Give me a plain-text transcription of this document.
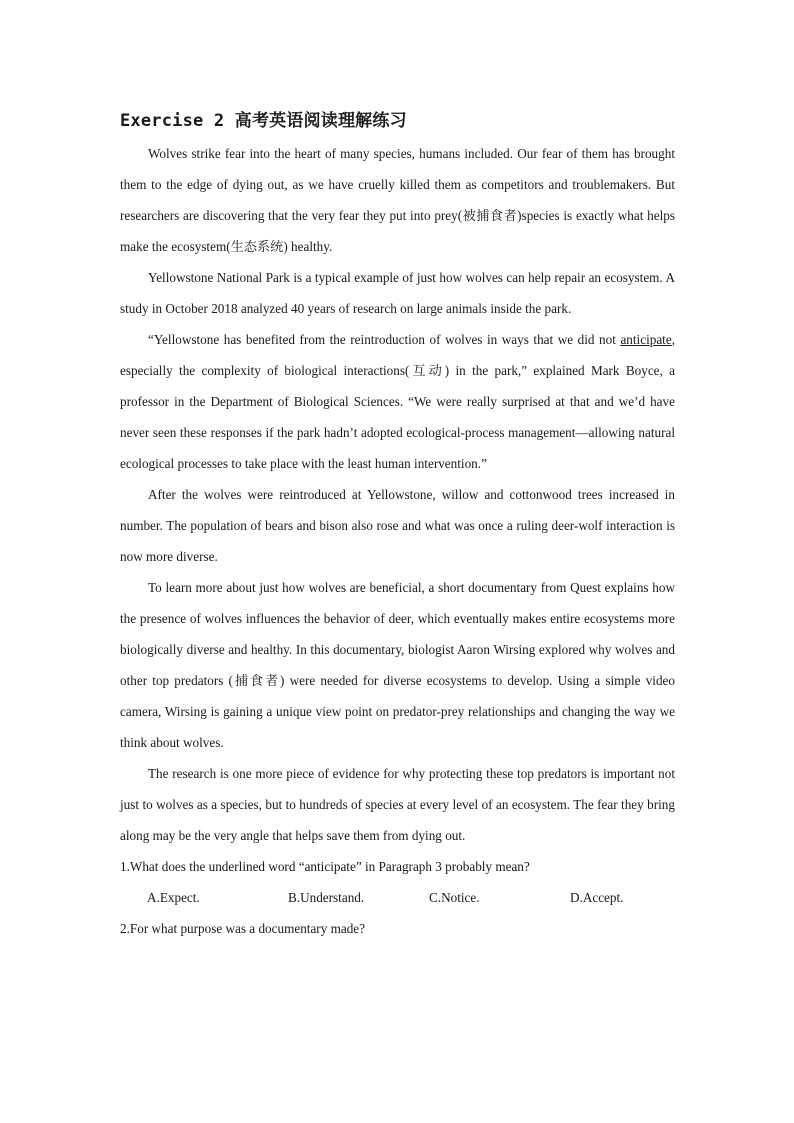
Exercise 2 高考英语阅读理解练习

Wolves strike fear into the heart of many species, humans included. Our fear of them has brought them to the edge of dying out, as we have cruelly killed them as competitors and troublemakers. But researchers are discovering that the very fear they put into prey(被捕食者)species is exactly what helps make the ecosystem(生态系统) healthy.

Yellowstone National Park is a typical example of just how wolves can help repair an ecosystem. A study in October 2018 analyzed 40 years of research on large animals inside the park.

“Yellowstone has benefited from the reintroduction of wolves in ways that we did not anticipate, especially the complexity of biological interactions(互动) in the park,” explained Mark Boyce, a professor in the Department of Biological Sciences. “We were really surprised at that and we’d have never seen these responses if the park hadn’t adopted ecological-process management—allowing natural ecological processes to take place with the least human intervention.”

After the wolves were reintroduced at Yellowstone, willow and cottonwood trees increased in number. The population of bears and bison also rose and what was once a ruling deer-wolf interaction is now more diverse.

To learn more about just how wolves are beneficial, a short documentary from Quest explains how the presence of wolves influences the behavior of deer, which eventually makes entire ecosystems more biologically diverse and healthy. In this documentary, biologist Aaron Wirsing explored why wolves and other top predators (捕食者) were needed for diverse ecosystems to develop. Using a simple video camera, Wirsing is gaining a unique view point on predator-prey relationships and changing the way we think about wolves.

The research is one more piece of evidence for why protecting these top predators is important not just to wolves as a species, but to hundreds of species at every level of an ecosystem. The fear they bring along may be the very angle that helps save them from dying out.

1.What does the underlined word “anticipate” in Paragraph 3 probably mean?

A.Expect.	B.Understand.	C.Notice.	D.Accept.

2.For what purpose was a documentary made?
